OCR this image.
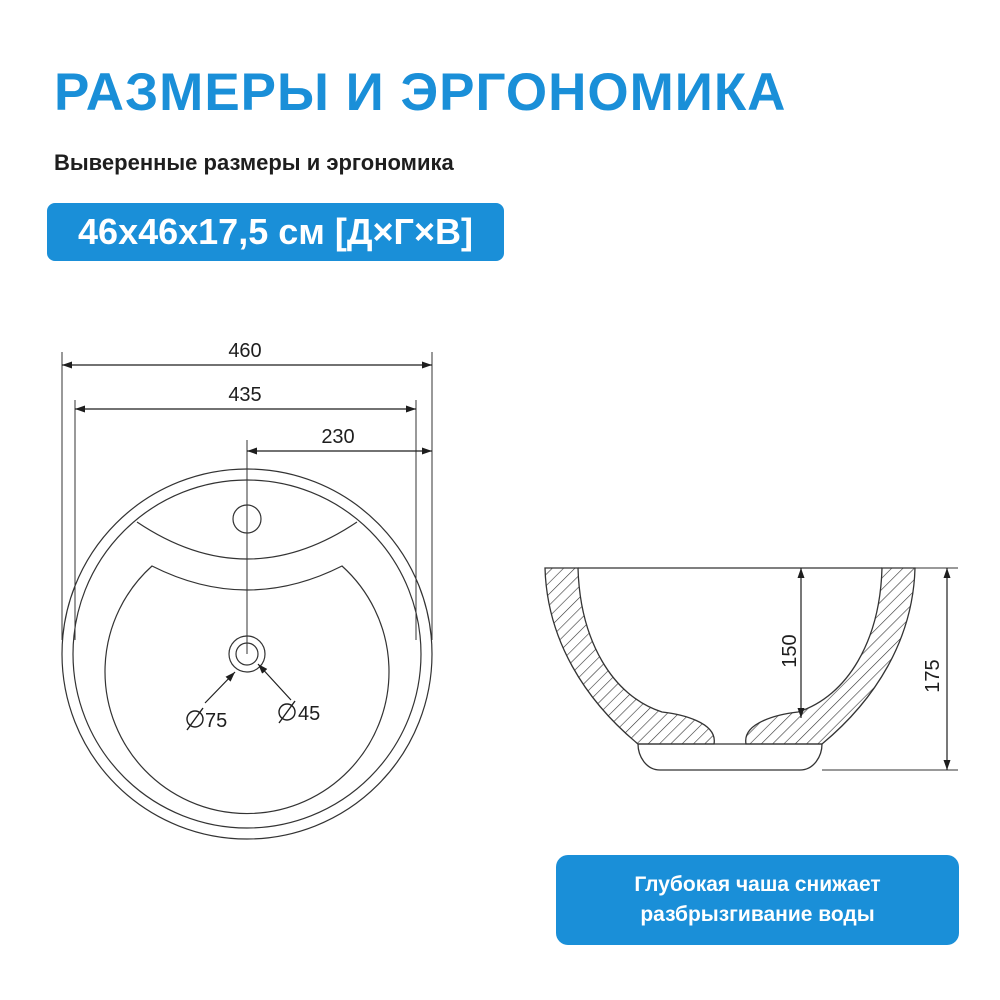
РАЗМЕРЫ И ЭРГОНОМИКА
Выверенные размеры и эргономика
46x46x17,5 см [Д×Г×В]
460
435
230
75	45
150
175
Глубокая чаша снижает
разбрызгивание воды
